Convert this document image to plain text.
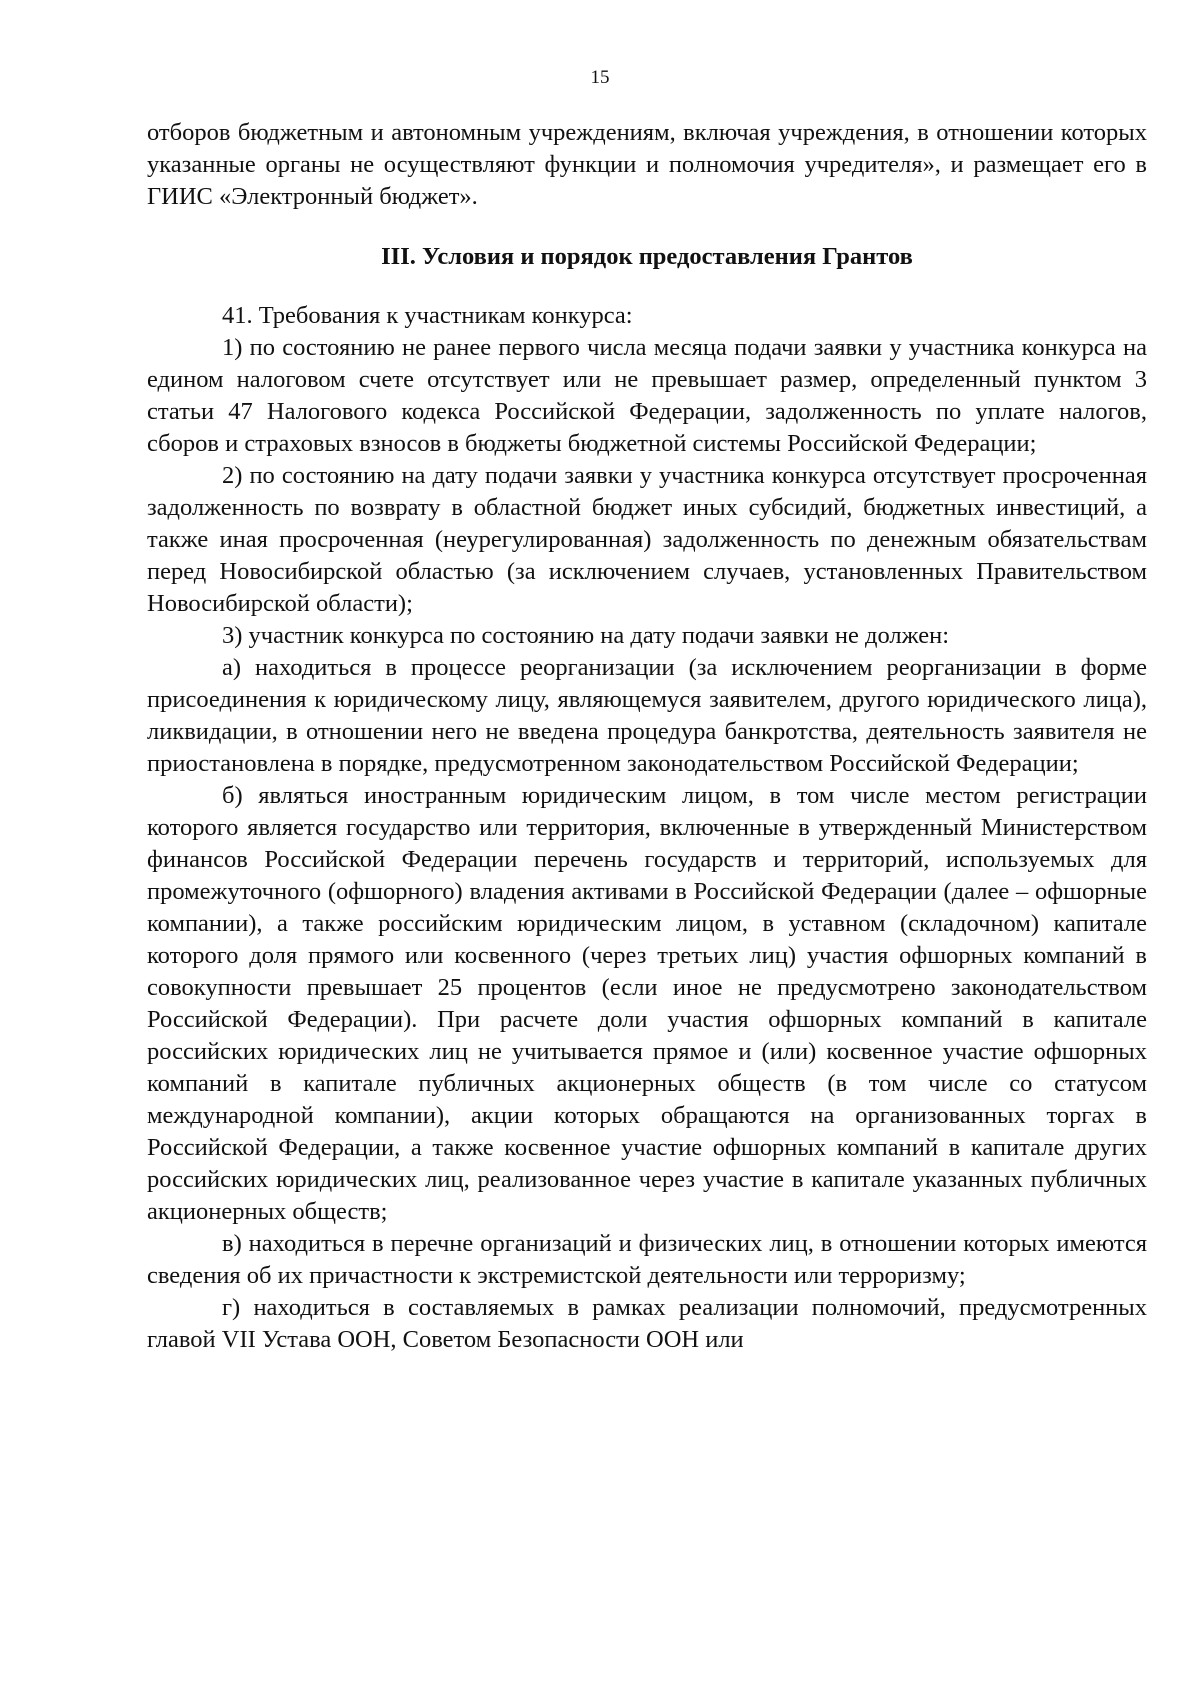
15

отборов бюджетным и автономным учреждениям, включая учреждения, в отношении которых указанные органы не осуществляют функции и полномочия учредителя», и размещает его в ГИИС «Электронный бюджет».

III. Условия и порядок предоставления Грантов

41. Требования к участникам конкурса:

1) по состоянию не ранее первого числа месяца подачи заявки у участника конкурса на едином налоговом счете отсутствует или не превышает размер, определенный пунктом 3 статьи 47 Налогового кодекса Российской Федерации, задолженность по уплате налогов, сборов и страховых взносов в бюджеты бюджетной системы Российской Федерации;

2) по состоянию на дату подачи заявки у участника конкурса отсутствует просроченная задолженность по возврату в областной бюджет иных субсидий, бюджетных инвестиций, а также иная просроченная (неурегулированная) задолженность по денежным обязательствам перед Новосибирской областью (за исключением случаев, установленных Правительством Новосибирской области);

3) участник конкурса по состоянию на дату подачи заявки не должен:

а) находиться в процессе реорганизации (за исключением реорганизации в форме присоединения к юридическому лицу, являющемуся заявителем, другого юридического лица), ликвидации, в отношении него не введена процедура банкротства, деятельность заявителя не приостановлена в порядке, предусмотренном законодательством Российской Федерации;

б) являться иностранным юридическим лицом, в том числе местом регистрации которого является государство или территория, включенные в утвержденный Министерством финансов Российской Федерации перечень государств и территорий, используемых для промежуточного (офшорного) владения активами в Российской Федерации (далее – офшорные компании), а также российским юридическим лицом, в уставном (складочном) капитале которого доля прямого или косвенного (через третьих лиц) участия офшорных компаний в совокупности превышает 25 процентов (если иное не предусмотрено законодательством Российской Федерации). При расчете доли участия офшорных компаний в капитале российских юридических лиц не учитывается прямое и (или) косвенное участие офшорных компаний в капитале публичных акционерных обществ (в том числе со статусом международной компании), акции которых обращаются на организованных торгах в Российской Федерации, а также косвенное участие офшорных компаний в капитале других российских юридических лиц, реализованное через участие в капитале указанных публичных акционерных обществ;

в) находиться в перечне организаций и физических лиц, в отношении которых имеются сведения об их причастности к экстремистской деятельности или терроризму;

г) находиться в составляемых в рамках реализации полномочий, предусмотренных главой VII Устава ООН, Советом Безопасности ООН или
